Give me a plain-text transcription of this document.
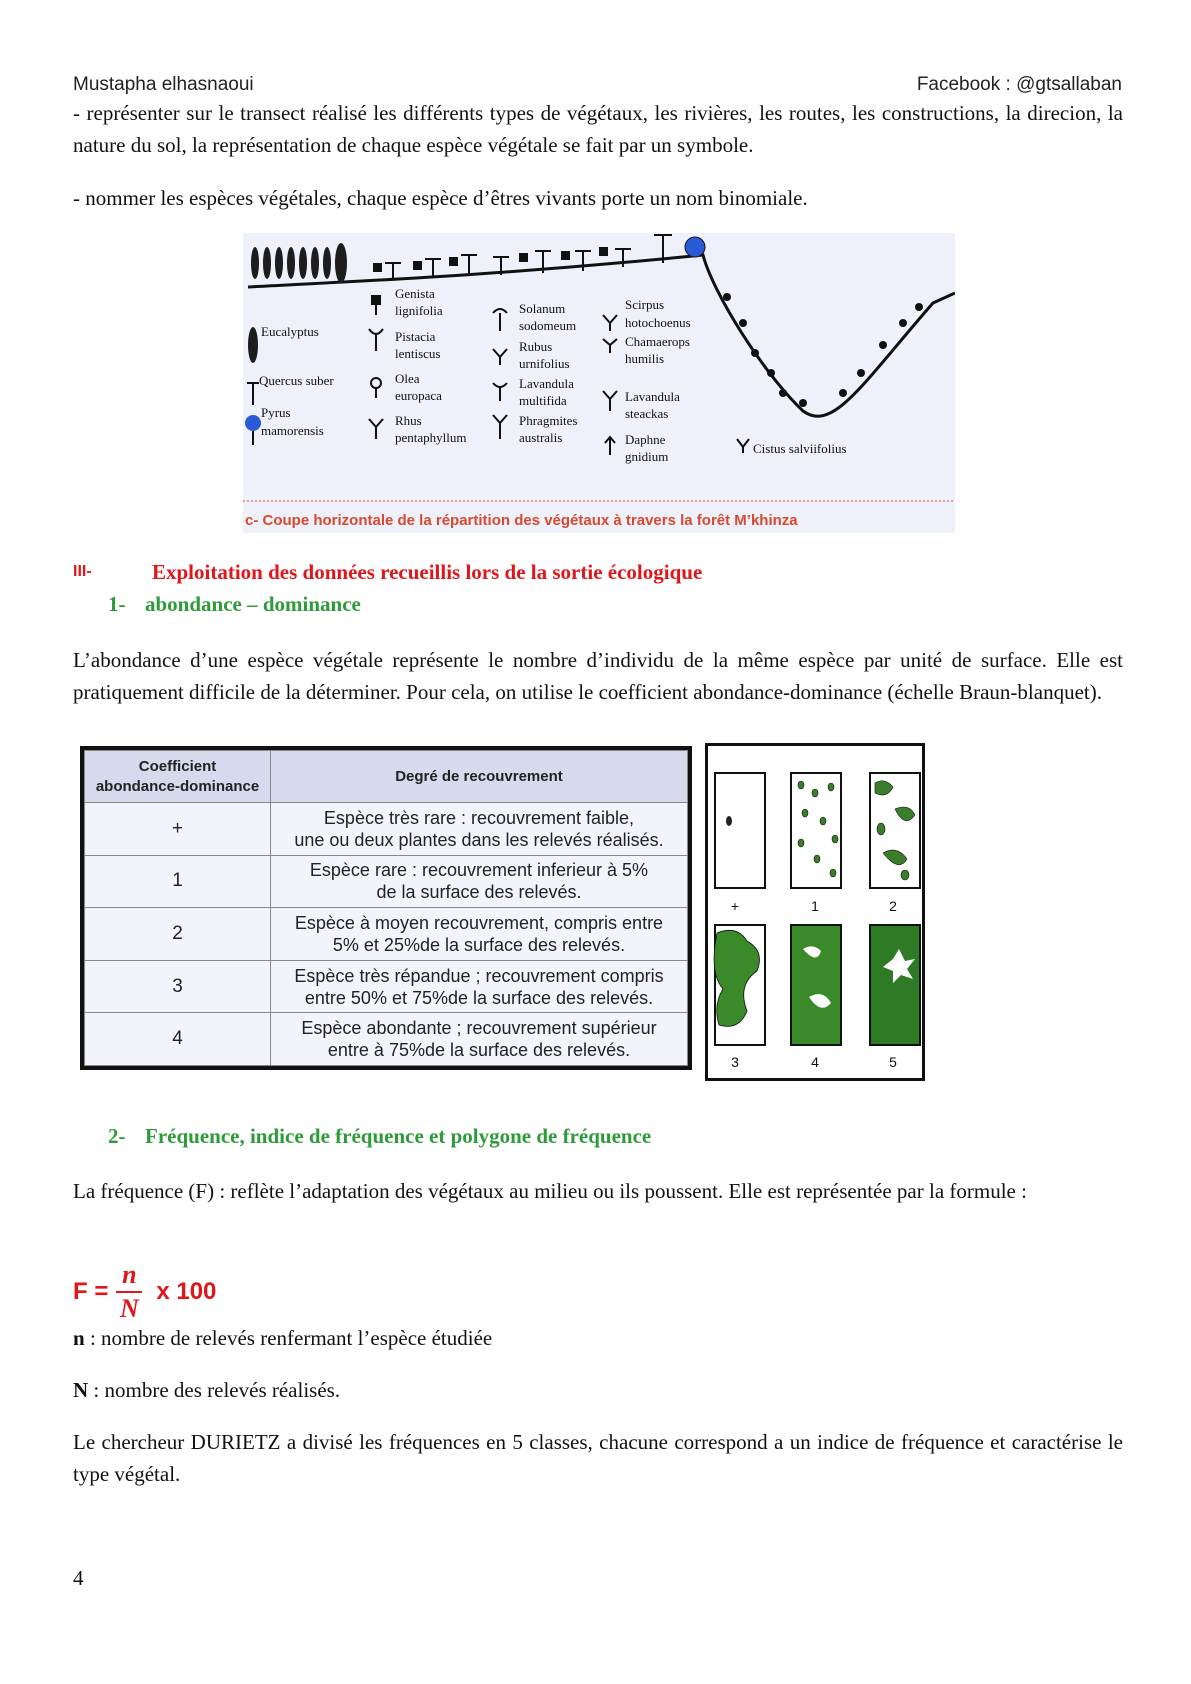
Mustapha elhasnaoui	Facebook : @gtsallaban
- représenter sur le transect réalisé les différents types de végétaux, les rivières, les routes, les constructions, la direcion, la nature du sol, la représentation de chaque espèce végétale se fait par un symbole.
- nommer les espèces végétales, chaque espèce d’êtres vivants porte un nom binomiale.
Eucalyptus
Quercus suber
Pyrus
mamorensis
Genista
lignifolia
Pistacia
lentiscus
Olea
europaca
Rhus
pentaphyllum
Solanum
sodomeum
Rubus
urnifolius
Lavandula
multifida
Phragmites
australis
Scirpus
hotochoenus
Chamaerops
humilis
Lavandula
steackas
Daphne
gnidium
Cistus salviifolius
c- Coupe horizontale de la répartition des végétaux à travers la forêt M’khinza
III-	Exploitation des données recueillis lors de la sortie écologique
1- abondance – dominance
L’abondance d’une espèce végétale représente le nombre d’individu de la même espèce par unité de surface. Elle est pratiquement difficile de la déterminer. Pour cela, on utilise le coefficient abondance-dominance (échelle Braun-blanquet).
Coefficient
abondance-dominance	Degré de recouvrement
+	Espèce très rare : recouvrement faible,
une ou deux plantes dans les relevés réalisés.
1	Espèce rare : recouvrement inferieur à 5%
de la surface des relevés.
2	Espèce à moyen recouvrement, compris entre
5% et 25%de la surface des relevés.
3	Espèce très répandue ; recouvrement compris
entre 50% et 75%de la surface des relevés.
4	Espèce abondante ; recouvrement supérieur
entre à 75%de la surface des relevés.
+	1	2
3	4	5
2- Fréquence, indice de fréquence et polygone de fréquence
La fréquence (F) : reflète l’adaptation des végétaux au milieu ou ils poussent. Elle est représentée par la formule :
$F = \frac{n}{N}$ x 100
n : nombre de relevés renfermant l’espèce étudiée
N : nombre des relevés réalisés.
Le chercheur DURIETZ a divisé les fréquences en 5 classes, chacune correspond a un indice de fréquence et caractérise le type végétal.
4
